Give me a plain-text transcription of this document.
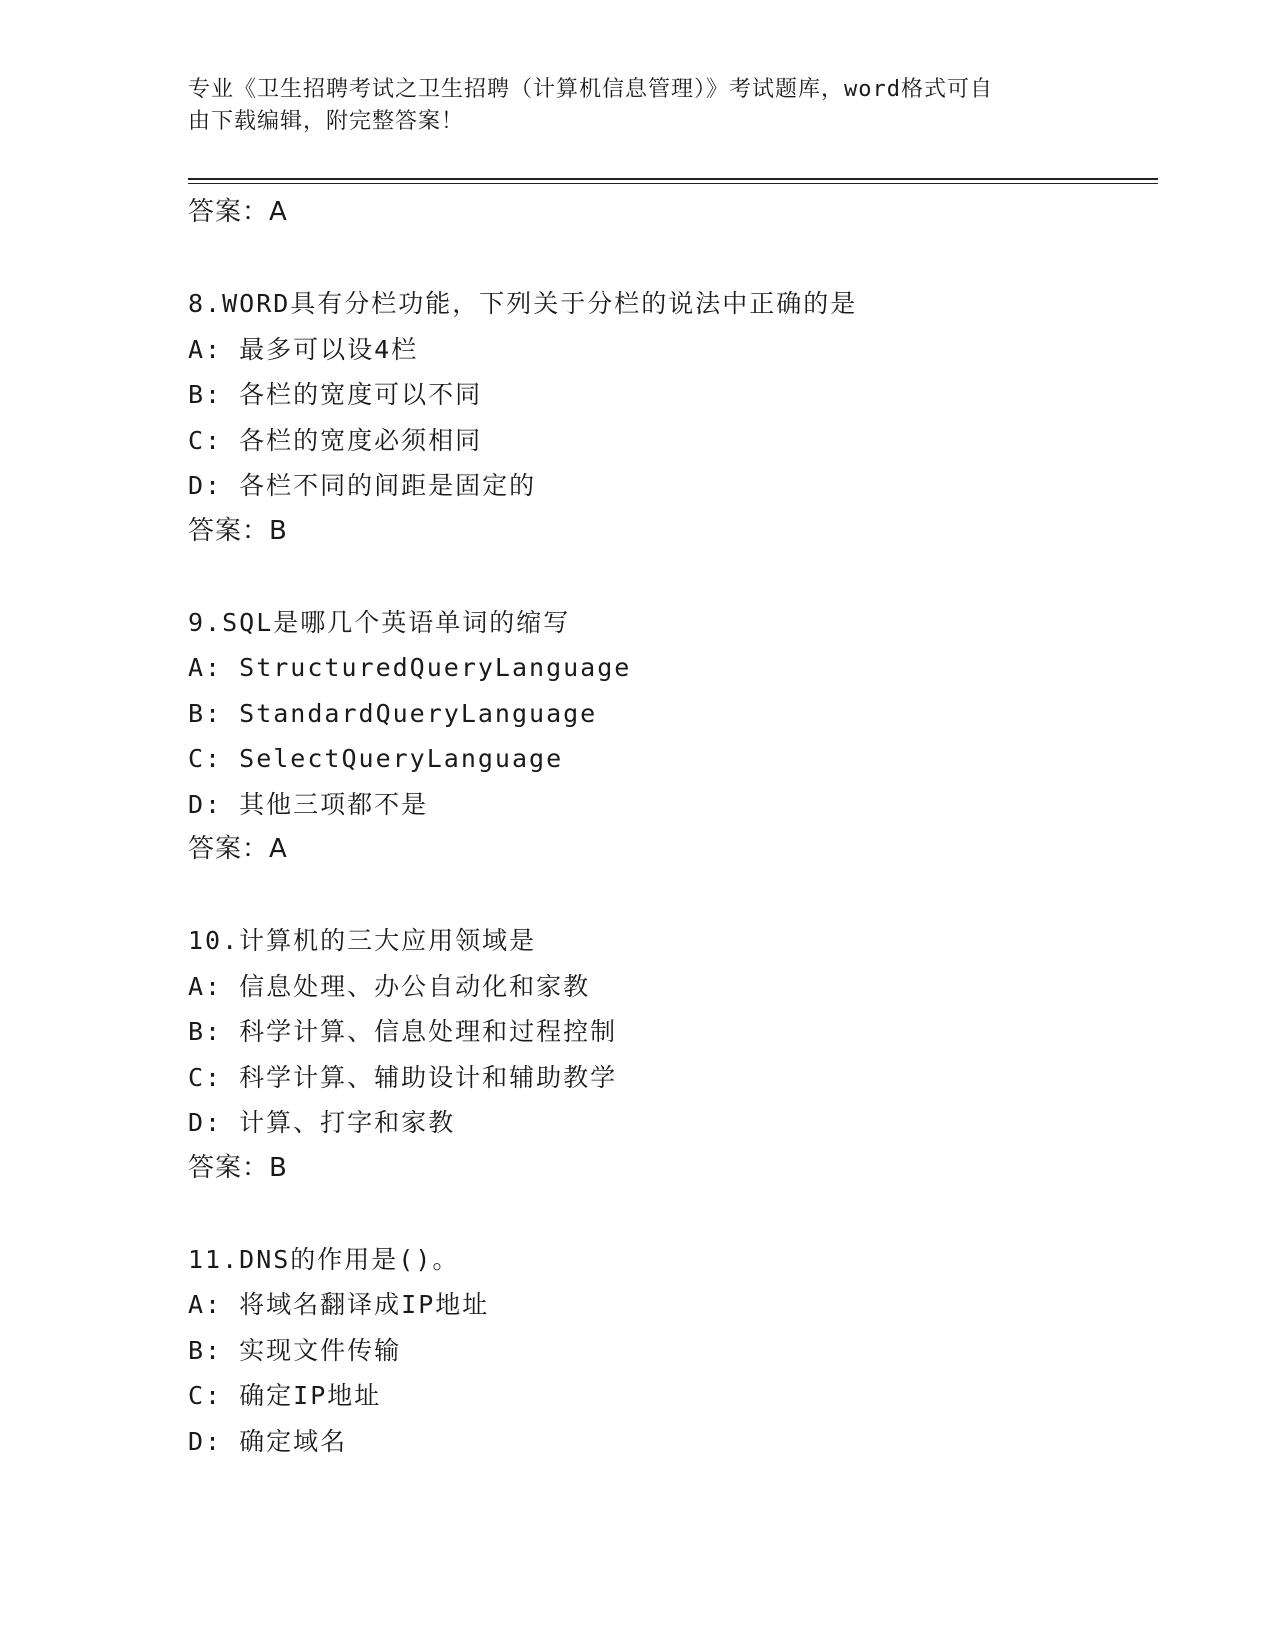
专业《卫生招聘考试之卫生招聘（计算机信息管理）》考试题库，word格式可自
由下载编辑，附完整答案！
答案：A
8.WORD具有分栏功能，下列关于分栏的说法中正确的是
A: 最多可以设4栏
B: 各栏的宽度可以不同
C: 各栏的宽度必须相同
D: 各栏不同的间距是固定的
答案：B
9.SQL是哪几个英语单词的缩写
A: StructuredQueryLanguage
B: StandardQueryLanguage
C: SelectQueryLanguage
D: 其他三项都不是
答案：A
10.计算机的三大应用领域是
A: 信息处理、办公自动化和家教
B: 科学计算、信息处理和过程控制
C: 科学计算、辅助设计和辅助教学
D: 计算、打字和家教
答案：B
11.DNS的作用是()。
A: 将域名翻译成IP地址
B: 实现文件传输
C: 确定IP地址
D: 确定域名
